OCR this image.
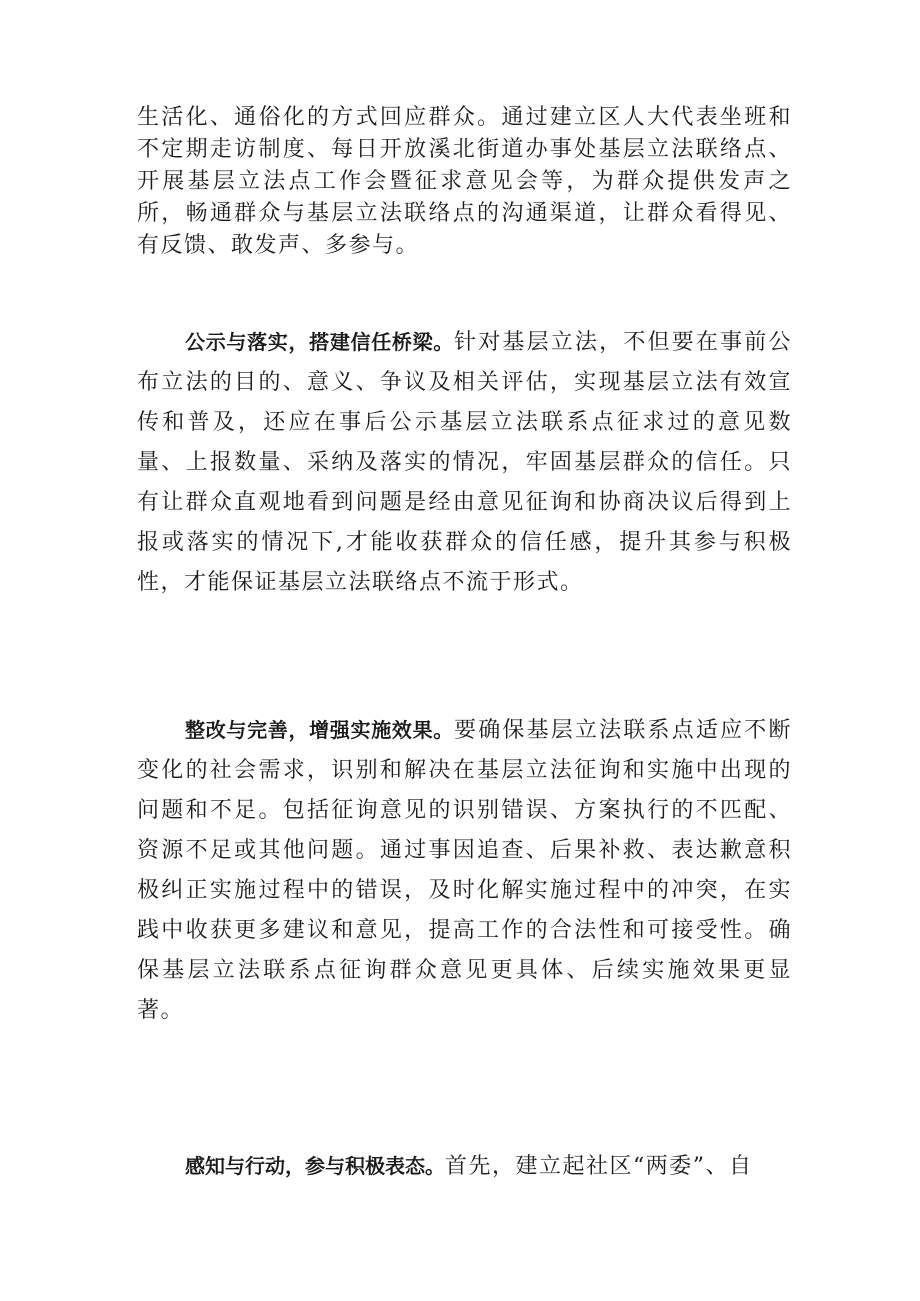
生活化、通俗化的方式回应群众。通过建立区人大代表坐班和不定期走访制度、每日开放溪北街道办事处基层立法联络点、开展基层立法点工作会暨征求意见会等，为群众提供发声之所，畅通群众与基层立法联络点的沟通渠道，让群众看得见、有反馈、敢发声、多参与。

公示与落实，搭建信任桥梁。针对基层立法，不但要在事前公布立法的目的、意义、争议及相关评估，实现基层立法有效宣传和普及，还应在事后公示基层立法联系点征求过的意见数量、上报数量、采纳及落实的情况，牢固基层群众的信任。只有让群众直观地看到问题是经由意见征询和协商决议后得到上报或落实的情况下,才能收获群众的信任感，提升其参与积极性，才能保证基层立法联络点不流于形式。

整改与完善，增强实施效果。要确保基层立法联系点适应不断变化的社会需求，识别和解决在基层立法征询和实施中出现的问题和不足。包括征询意见的识别错误、方案执行的不匹配、资源不足或其他问题。通过事因追查、后果补救、表达歉意积极纠正实施过程中的错误，及时化解实施过程中的冲突，在实践中收获更多建议和意见，提高工作的合法性和可接受性。确保基层立法联系点征询群众意见更具体、后续实施效果更显著。

感知与行动，参与积极表态。首先，建立起社区“两委”、自
